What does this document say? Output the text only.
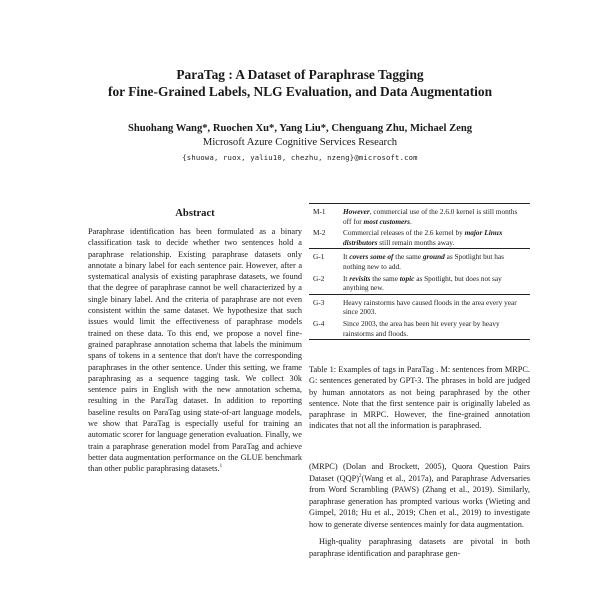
ParaTag : A Dataset of Paraphrase Tagging
for Fine-Grained Labels, NLG Evaluation, and Data Augmentation
Shuohang Wang*, Ruochen Xu*, Yang Liu*, Chenguang Zhu, Michael Zeng
Microsoft Azure Cognitive Services Research
{shuowa, ruox, yaliu10, chezhu, nzeng}@microsoft.com
Abstract
Paraphrase identification has been formulated as a binary classification task to decide whether two sentences hold a paraphrase relationship. Existing paraphrase datasets only annotate a binary label for each sentence pair. However, after a systematical analysis of existing paraphrase datasets, we found that the degree of paraphrase cannot be well characterized by a single binary label. And the criteria of paraphrase are not even consistent within the same dataset. We hypothesize that such issues would limit the effectiveness of paraphrase models trained on these data. To this end, we propose a novel fine-grained paraphrase annotation schema that labels the minimum spans of tokens in a sentence that don't have the corresponding paraphrases in the other sentence. Under this setting, we frame paraphrasing as a sequence tagging task. We collect 30k sentence pairs in English with the new annotation schema, resulting in the ParaTag dataset. In addition to reporting baseline results on ParaTag using state-of-art language models, we show that ParaTag is especially useful for training an automatic scorer for language generation evaluation. Finally, we train a paraphrase generation model from ParaTag and achieve better data augmentation performance on the GLUE benchmark than other public paraphrasing datasets.$^1$
M-1	However, commercial use of the 2.6.0 kernel is still months off for most customers.
M-2	Commercial releases of the 2.6 kernel by major Linux distributors still remain months away.
G-1	It covers some of the same ground as Spotlight but has nothing new to add.
G-2	It revisits the same topic as Spotlight, but does not say anything new.
G-3	Heavy rainstorms have caused floods in the area every year since 2003.
G-4	Since 2003, the area has been hit every year by heavy rainstorms and floods.
Table 1: Examples of tags in ParaTag . M: sentences from MRPC. G: sentences generated by GPT-3. The phrases in bold are judged by human annotators as not being paraphrased by the other sentence. Note that the first sentence pair is originally labeled as paraphrase in MRPC. However, the fine-grained annotation indicates that not all the information is paraphrased.

(MRPC) (Dolan and Brockett, 2005), Quora Question Pairs Dataset (QQP)$^2$(Wang et al., 2017a), and Paraphrase Adversaries from Word Scrambling (PAWS) (Zhang et al., 2019). Similarly, paraphrase generation has prompted various works (Wieting and Gimpel, 2018; Hu et al., 2019; Chen et al., 2019) to investigate how to generate diverse sentences mainly for data augmentation.

High-quality paraphrasing datasets are pivotal in both paraphrase identification and paraphrase gen-
